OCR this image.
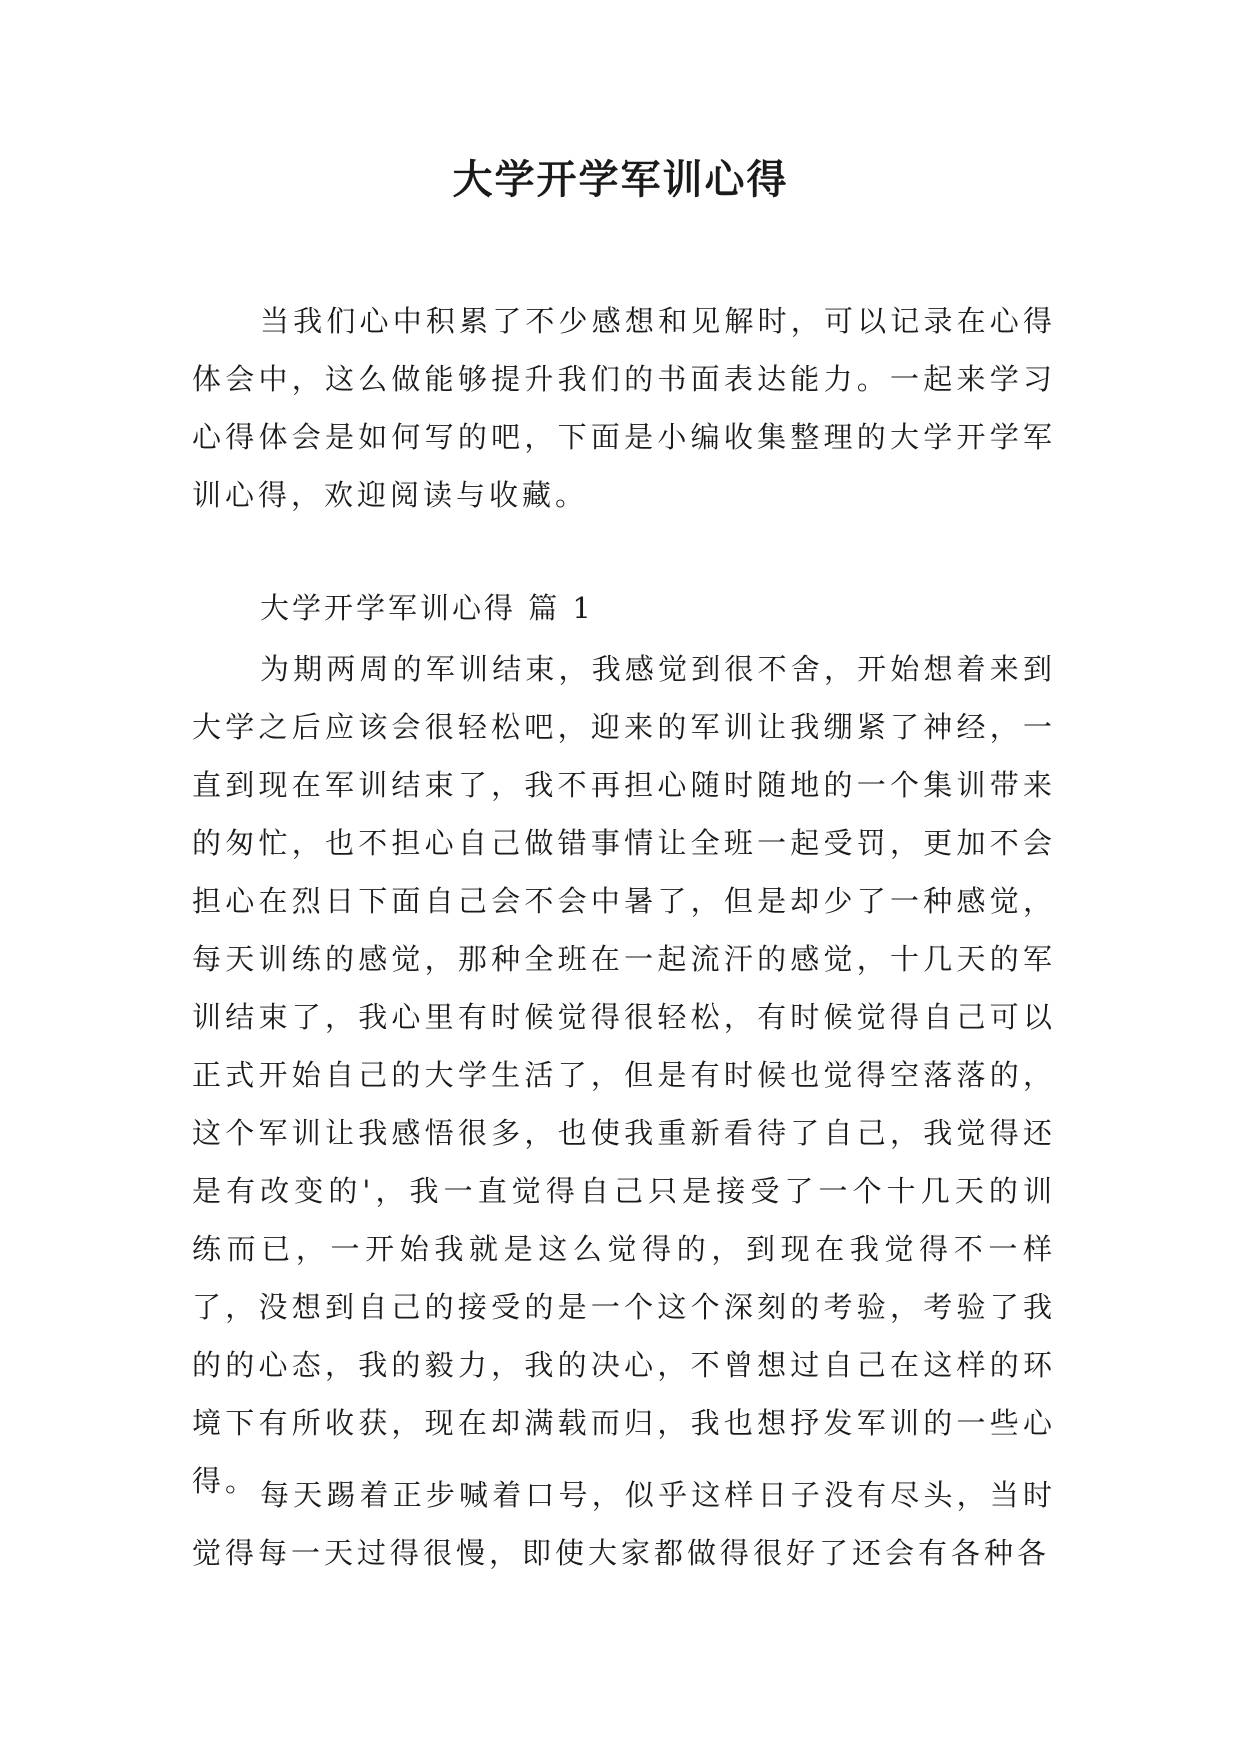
大学开学军训心得

当我们心中积累了不少感想和见解时，可以记录在心得体会中，这么做能够提升我们的书面表达能力。一起来学习心得体会是如何写的吧，下面是小编收集整理的大学开学军训心得，欢迎阅读与收藏。

大学开学军训心得 篇 1

为期两周的军训结束，我感觉到很不舍，开始想着来到大学之后应该会很轻松吧，迎来的军训让我绷紧了神经，一直到现在军训结束了，我不再担心随时随地的一个集训带来的匆忙，也不担心自己做错事情让全班一起受罚，更加不会担心在烈日下面自己会不会中暑了，但是却少了一种感觉，每天训练的感觉，那种全班在一起流汗的感觉，十几天的军训结束了，我心里有时候觉得很轻松，有时候觉得自己可以正式开始自己的大学生活了，但是有时候也觉得空落落的，这个军训让我感悟很多，也使我重新看待了自己，我觉得还是有改变的'，我一直觉得自己只是接受了一个十几天的训练而已，一开始我就是这么觉得的，到现在我觉得不一样了，没想到自己的接受的是一个这个深刻的考验，考验了我的的心态，我的毅力，我的决心，不曾想过自己在这样的环境下有所收获，现在却满载而归，我也想抒发军训的一些心得。 每天踢着正步喊着口号，似乎这样日子没有尽头，当时觉得每一天过得很慢，即使大家都做得很好了还会有各种各
